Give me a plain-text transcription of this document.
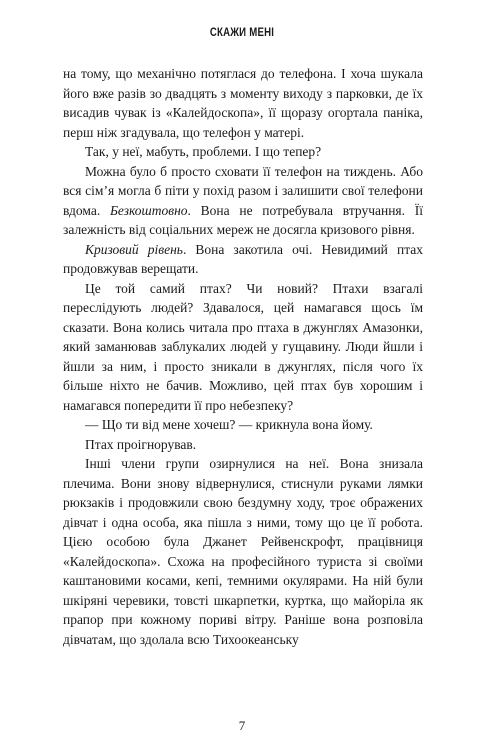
СКАЖИ МЕНІ

на тому, що механічно потяглася до телефона. І хоча шукала його вже разів зо двадцять з моменту виходу з парковки, де їх висадив чувак із «Калейдоскопа», її щоразу огортала паніка, перш ніж згадувала, що телефон у матері.

Так, у неї, мабуть, проблеми. І що тепер?

Можна було б просто сховати її телефон на тиждень. Або вся сім’я могла б піти у похід разом і залишити свої телефони вдома. Безкоштовно. Вона не потребувала втручання. Її залежність від соціальних мереж не досягла кризового рівня.

Кризовий рівень. Вона закотила очі. Невидимий птах продовжував верещати.

Це той самий птах? Чи новий? Птахи взагалі переслідують людей? Здавалося, цей намагався щось їм сказати. Вона колись читала про птаха в джунглях Амазонки, який заманював заблукалих людей у гущавину. Люди йшли і йшли за ним, і просто зникали в джунглях, після чого їх більше ніхто не бачив. Можливо, цей птах був хорошим і намагався попередити її про небезпеку?

— Що ти від мене хочеш? — крикнула вона йому.

Птах проігнорував.

Інші члени групи озирнулися на неї. Вона знизала плечима. Вони знову відвернулися, стиснули руками лямки рюкзаків і продовжили свою бездумну ходу, троє ображених дівчат і одна особа, яка пішла з ними, тому що це її робота. Цією особою була Джанет Рейвенскрофт, працівниця «Калейдоскопа». Схожа на професійного туриста зі своїми каштановими косами, кепі, темними окулярами. На ній були шкіряні черевики, товсті шкарпетки, куртка, що майоріла як прапор при кожному пориві вітру. Раніше вона розповіла дівчатам, що здолала всю Тихоокеанську

7
